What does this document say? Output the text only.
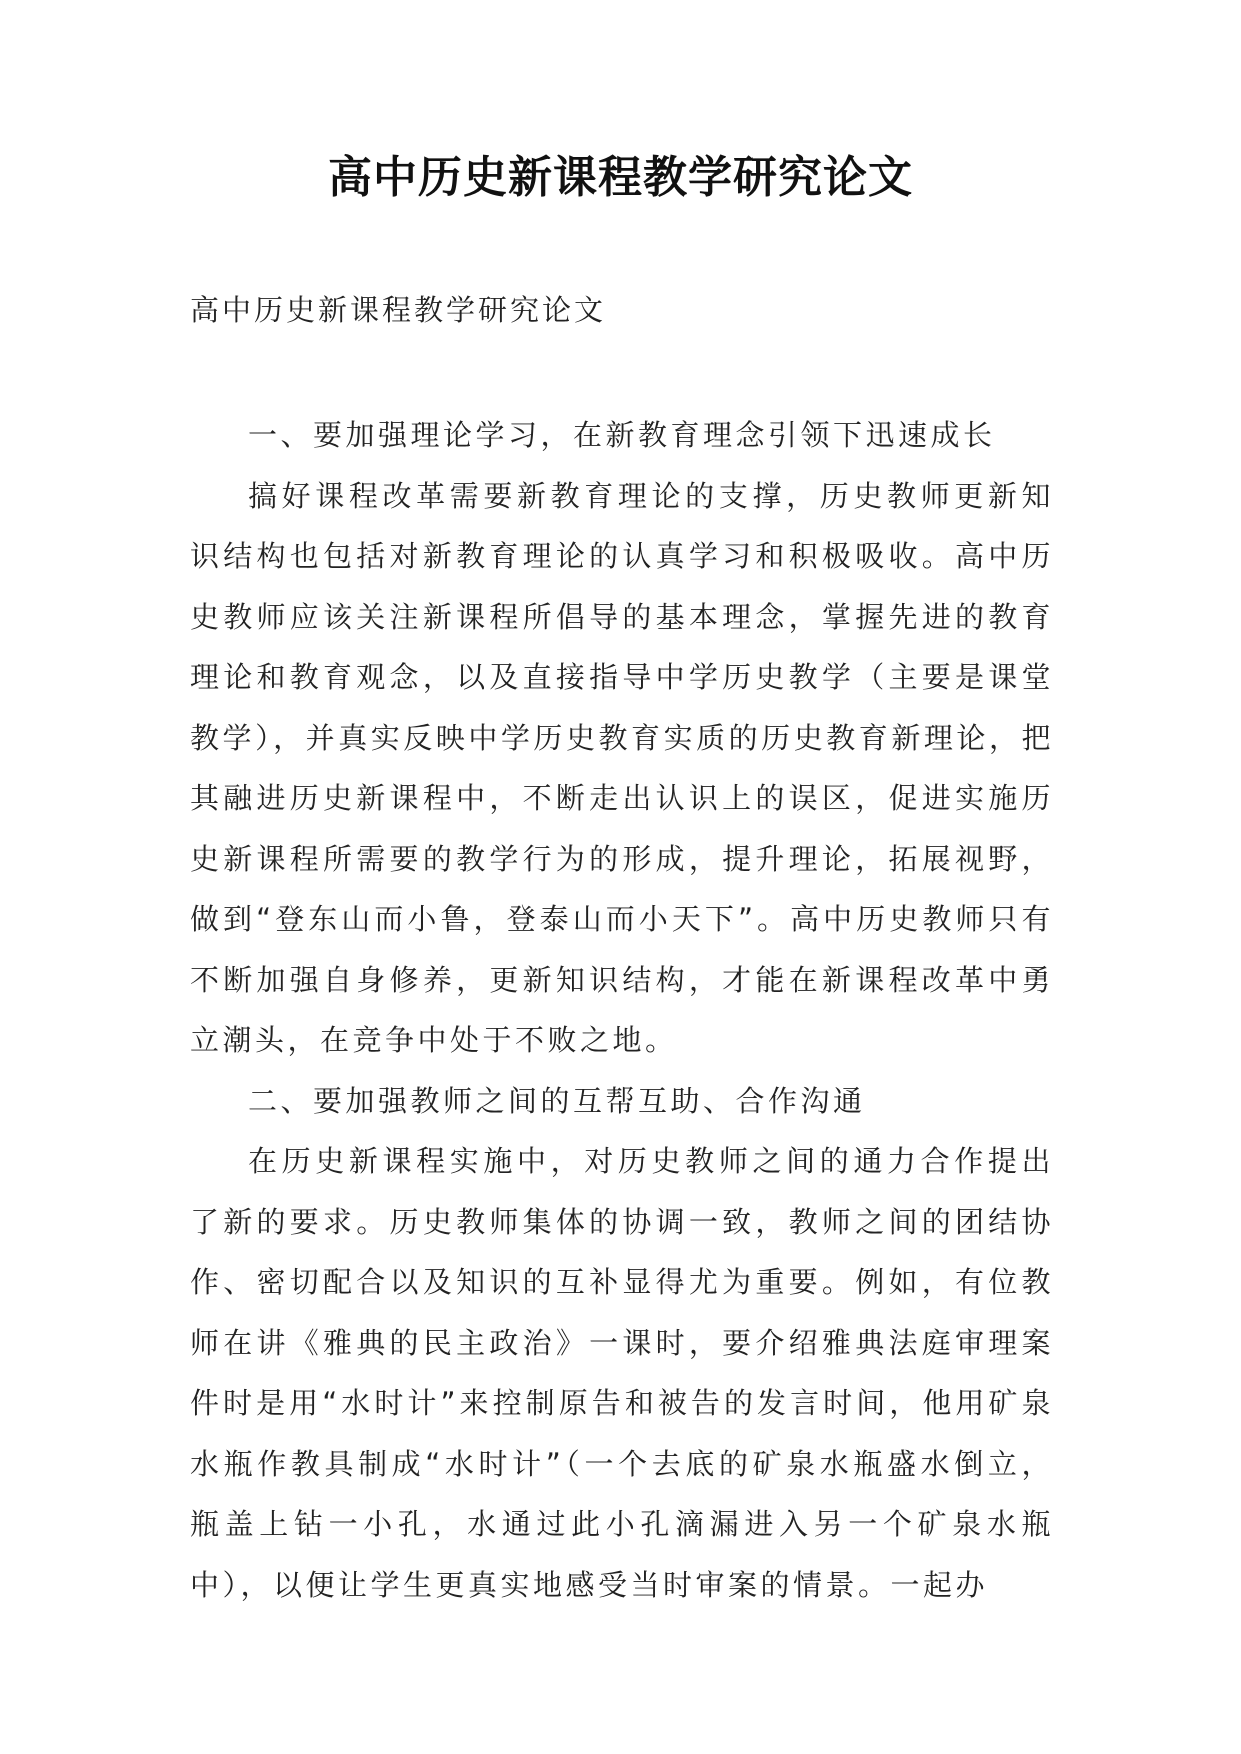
高中历史新课程教学研究论文

高中历史新课程教学研究论文

一、要加强理论学习，在新教育理念引领下迅速成长

搞好课程改革需要新教育理论的支撑，历史教师更新知识结构也包括对新教育理论的认真学习和积极吸收。高中历史教师应该关注新课程所倡导的基本理念，掌握先进的教育理论和教育观念，以及直接指导中学历史教学（主要是课堂教学），并真实反映中学历史教育实质的历史教育新理论，把其融进历史新课程中，不断走出认识上的误区，促进实施历史新课程所需要的教学行为的形成，提升理论，拓展视野，做到“登东山而小鲁，登泰山而小天下”。高中历史教师只有不断加强自身修养，更新知识结构，才能在新课程改革中勇立潮头，在竞争中处于不败之地。

二、要加强教师之间的互帮互助、合作沟通

在历史新课程实施中，对历史教师之间的通力合作提出了新的要求。历史教师集体的协调一致，教师之间的团结协作、密切配合以及知识的互补显得尤为重要。例如，有位教师在讲《雅典的民主政治》一课时，要介绍雅典法庭审理案件时是用“水时计”来控制原告和被告的发言时间，他用矿泉水瓶作教具制成“水时计”（一个去底的矿泉水瓶盛水倒立，瓶盖上钻一小孔，水通过此小孔滴漏进入另一个矿泉水瓶中），以便让学生更真实地感受当时审案的情景。一起办
